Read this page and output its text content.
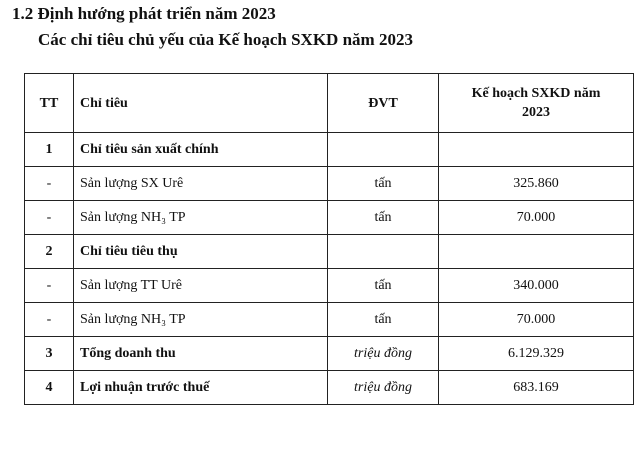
1.2 Định hướng phát triển năm 2023
Các chỉ tiêu chủ yếu của Kế hoạch SXKD năm 2023
TT	Chỉ tiêu	ĐVT	Kế hoạch SXKD năm
2023

1	Chỉ tiêu sản xuất chính		
-	Sản lượng SX Urê	tấn	325.860
-	Sản lượng NH₃ TP	tấn	70.000
2	Chỉ tiêu tiêu thụ		
-	Sản lượng TT Urê	tấn	340.000
-	Sản lượng NH₃ TP	tấn	70.000
3	Tổng doanh thu	triệu đồng	6.129.329
4	Lợi nhuận trước thuế	triệu đồng	683.169
